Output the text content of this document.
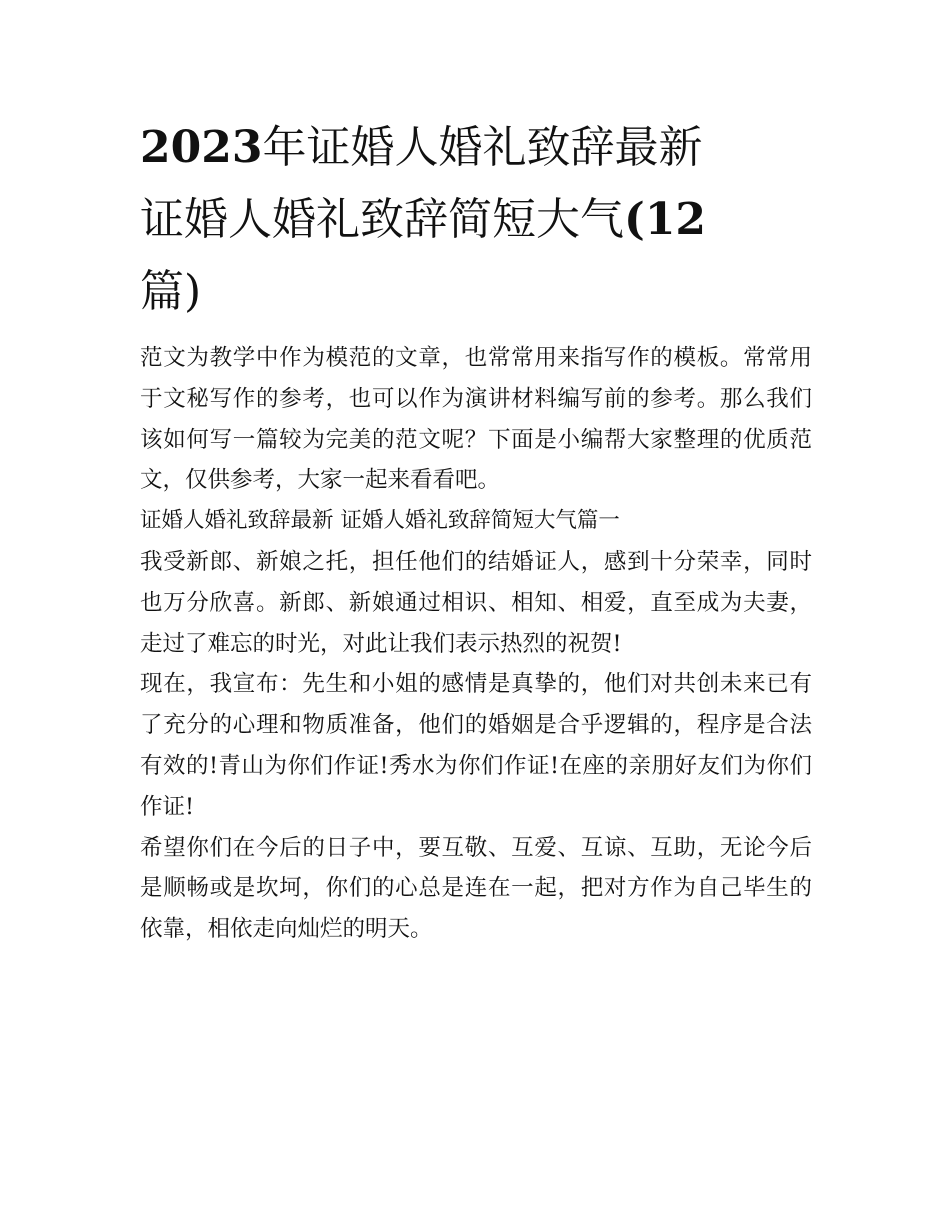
2023年证婚人婚礼致辞最新
证婚人婚礼致辞简短大气(12
篇)

范文为教学中作为模范的文章，也常常用来指写作的模板。常常用于文秘写作的参考，也可以作为演讲材料编写前的参考。那么我们该如何写一篇较为完美的范文呢？下面是小编帮大家整理的优质范文，仅供参考，大家一起来看看吧。

证婚人婚礼致辞最新 证婚人婚礼致辞简短大气篇一

我受新郎、新娘之托，担任他们的结婚证人，感到十分荣幸，同时也万分欣喜。新郎、新娘通过相识、相知、相爱，直至成为夫妻，走过了难忘的时光，对此让我们表示热烈的祝贺!

现在，我宣布：先生和小姐的感情是真挚的，他们对共创未来已有了充分的心理和物质准备，他们的婚姻是合乎逻辑的，程序是合法有效的!青山为你们作证!秀水为你们作证!在座的亲朋好友们为你们作证!

希望你们在今后的日子中，要互敬、互爱、互谅、互助，无论今后是顺畅或是坎坷，你们的心总是连在一起，把对方作为自己毕生的依靠，相依走向灿烂的明天。
